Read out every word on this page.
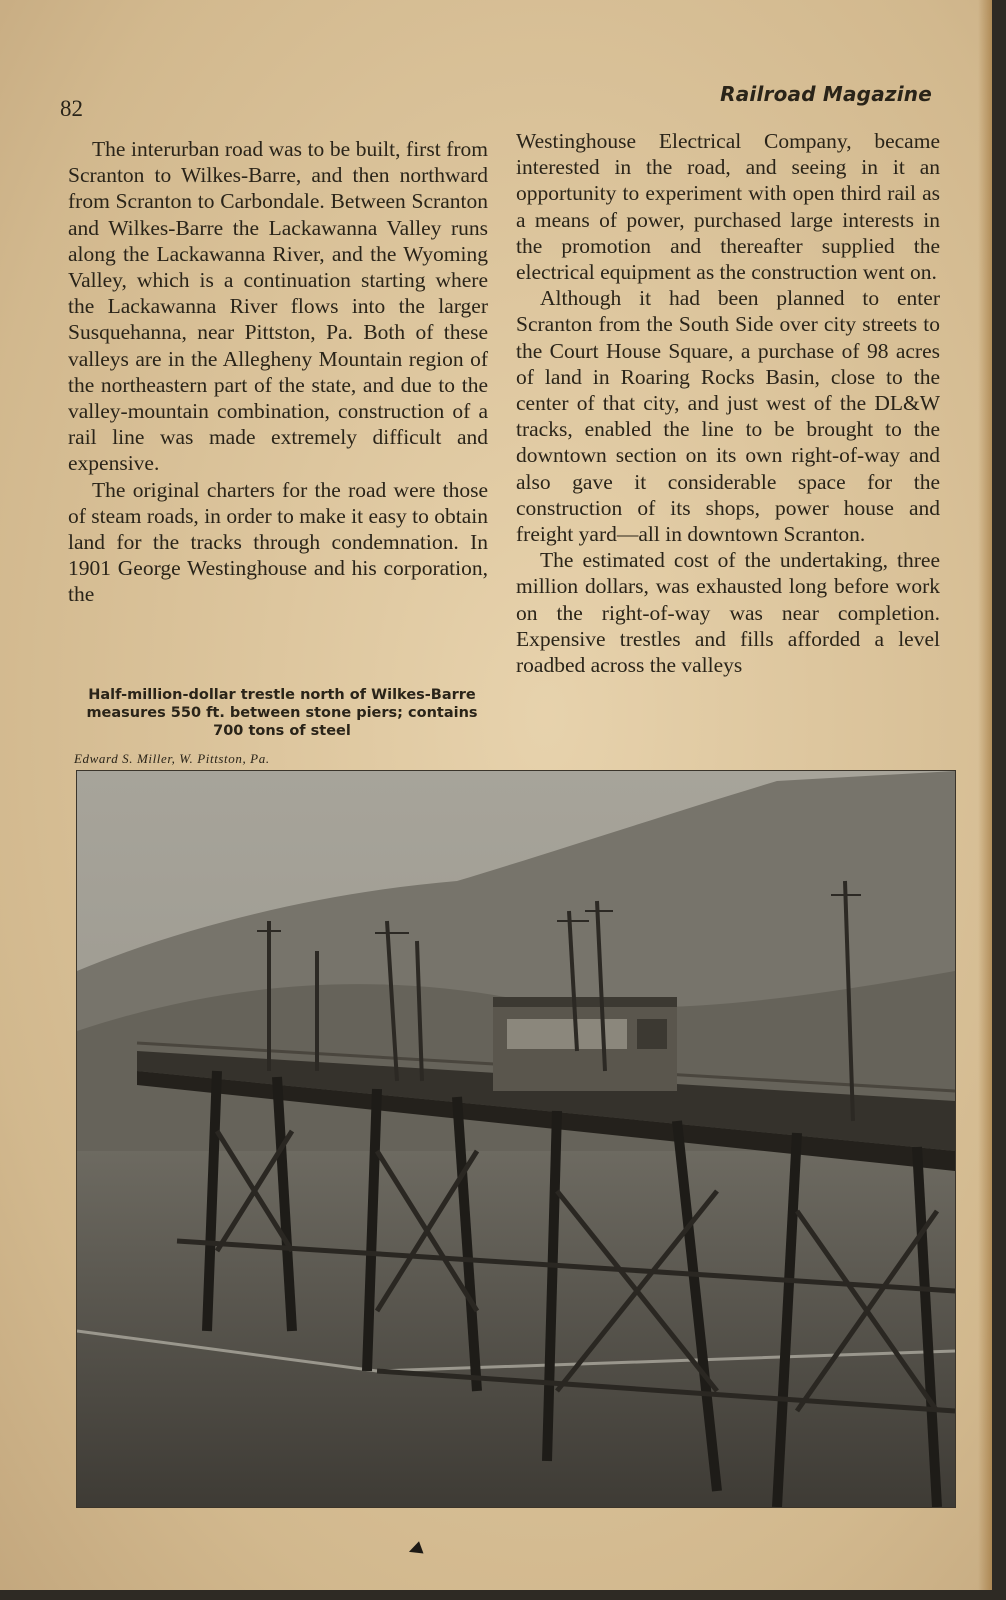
82
Railroad Magazine

The interurban road was to be built, first from Scranton to Wilkes-Barre, and then northward from Scranton to Carbondale. Between Scranton and Wilkes-Barre the Lackawanna Valley runs along the Lackawanna River, and the Wyoming Valley, which is a continuation starting where the Lackawanna River flows into the larger Susquehanna, near Pittston, Pa. Both of these valleys are in the Allegheny Mountain region of the northeastern part of the state, and due to the valley-mountain combination, construction of a rail line was made extremely difficult and expensive.

The original charters for the road were those of steam roads, in order to make it easy to obtain land for the tracks through condemnation. In 1901 George Westinghouse and his corporation, the

Westinghouse Electrical Company, became interested in the road, and seeing in it an opportunity to experiment with open third rail as a means of power, purchased large interests in the promotion and thereafter supplied the electrical equipment as the construction went on.

Although it had been planned to enter Scranton from the South Side over city streets to the Court House Square, a purchase of 98 acres of land in Roaring Rocks Basin, close to the center of that city, and just west of the DL&W tracks, enabled the line to be brought to the downtown section on its own right-of-way and also gave it considerable space for the construction of its shops, power house and freight yard—all in downtown Scranton.

The estimated cost of the undertaking, three million dollars, was exhausted long before work on the right-of-way was near completion. Expensive trestles and fills afforded a level roadbed across the valleys

Half-million-dollar trestle north of Wilkes-Barre measures 550 ft. between stone piers; contains 700 tons of steel
Edward S. Miller, W. Pittston, Pa.
◄
